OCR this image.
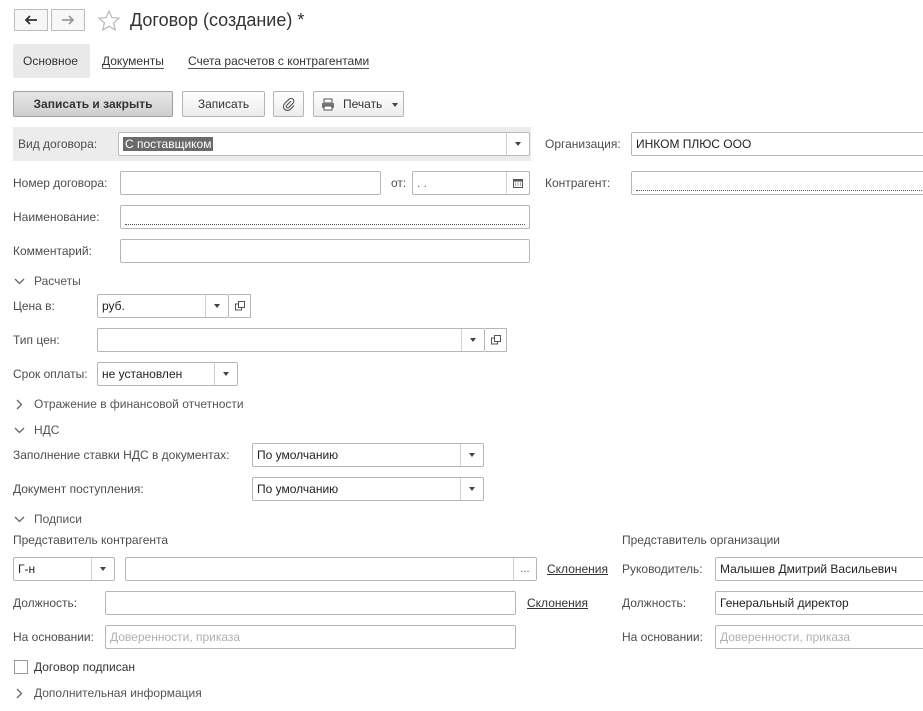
Договор (создание) *
Основное Документы Счета расчетов с контрагентами
Записать и закрыть	Записать	Печать
Вид договора:	С поставщиком	Организация:	ИНКОМ ПЛЮС ООО
Номер договора:	от: . .	Контрагент:
Наименование:
Комментарий:
Расчеты
Цена в:	руб.
Тип цен:
Срок оплаты:	не установлен
Отражение в финансовой отчетности
НДС
Заполнение ставки НДС в документах:	По умолчанию
Документ поступления:	По умолчанию
Подписи
Представитель контрагента	Представитель организации
Г-н	...	Склонения Руководитель:	Малышев Дмитрий Васильевич
Должность:	Склонения	Должность:	Генеральный директор
На основании:	Доверенности, приказа	На основании:	Доверенности, приказа
Договор подписан
Дополнительная информация
